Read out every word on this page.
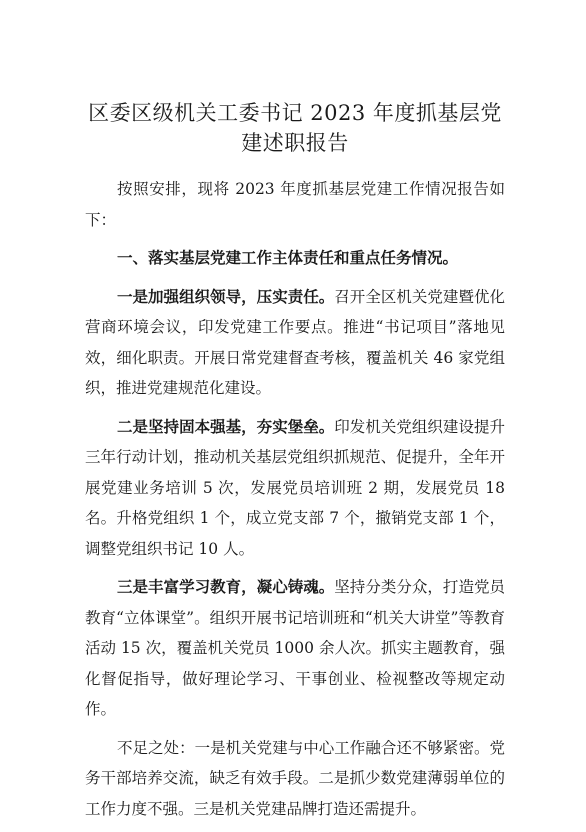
区委区级机关工委书记 2023 年度抓基层党建述职报告

按照安排，现将 2023 年度抓基层党建工作情况报告如下：

一、落实基层党建工作主体责任和重点任务情况。

一是加强组织领导，压实责任。召开全区机关党建暨优化营商环境会议，印发党建工作要点。推进“书记项目”落地见效，细化职责。开展日常党建督查考核，覆盖机关 46 家党组织，推进党建规范化建设。

二是坚持固本强基，夯实堡垒。印发机关党组织建设提升三年行动计划，推动机关基层党组织抓规范、促提升，全年开展党建业务培训 5 次，发展党员培训班 2 期，发展党员 18 名。升格党组织 1 个，成立党支部 7 个，撤销党支部 1 个，调整党组织书记 10 人。

三是丰富学习教育，凝心铸魂。坚持分类分众，打造党员教育“立体课堂”。组织开展书记培训班和“机关大讲堂”等教育活动 15 次，覆盖机关党员 1000 余人次。抓实主题教育，强化督促指导，做好理论学习、干事创业、检视整改等规定动作。

不足之处：一是机关党建与中心工作融合还不够紧密。党务干部培养交流，缺乏有效手段。二是抓少数党建薄弱单位的工作力度不强。三是机关党建品牌打造还需提升。
